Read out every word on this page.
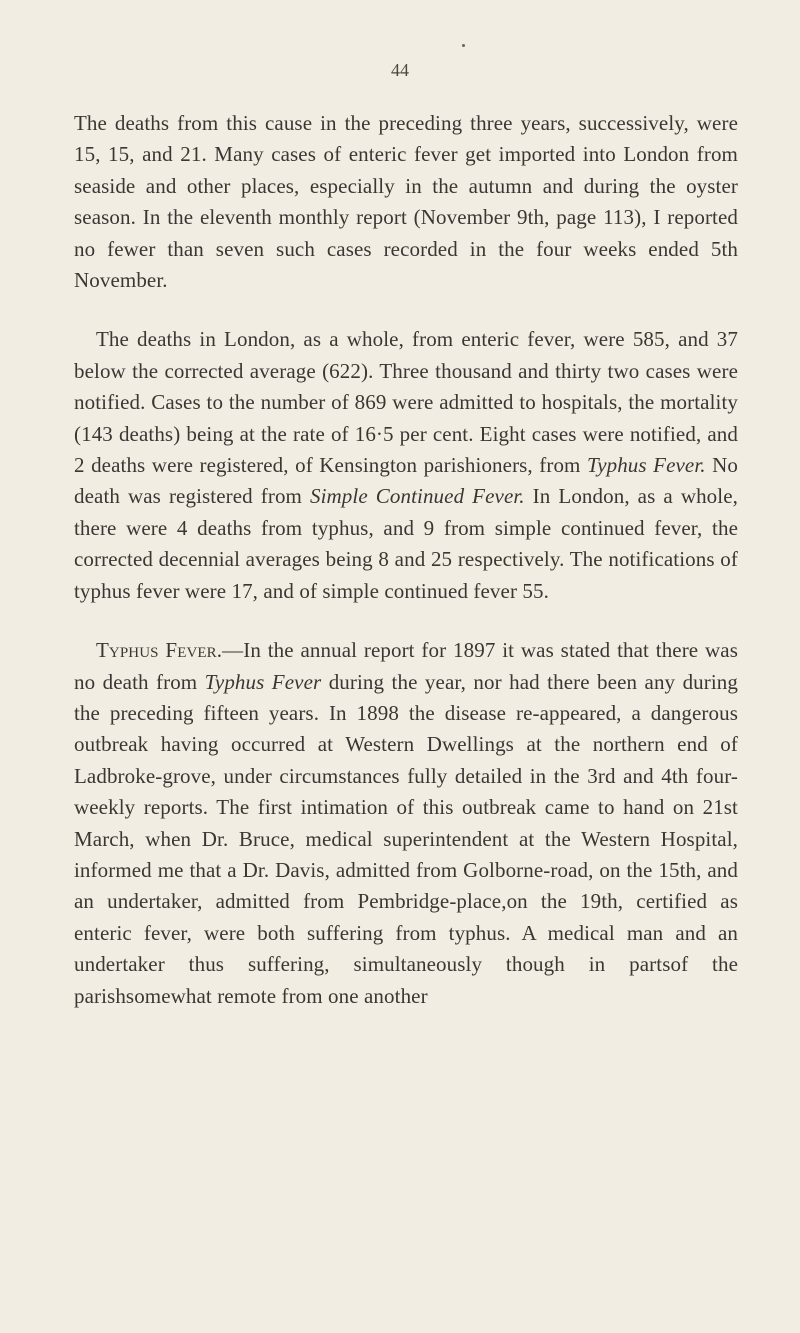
44

The deaths from this cause in the preceding three years, successively, were 15, 15, and 21. Many cases of enteric fever get imported into London from seaside and other places, especially in the autumn and during the oyster season. In the eleventh monthly report (November 9th, page 113), I reported no fewer than seven such cases recorded in the four weeks ended 5th November.

The deaths in London, as a whole, from enteric fever, were 585, and 37 below the corrected average (622). Three thousand and thirty two cases were notified. Cases to the number of 869 were admitted to hospitals, the mortality (143 deaths) being at the rate of 16·5 per cent. Eight cases were notified, and 2 deaths were registered, of Kensington parishioners, from Typhus Fever. No death was registered from Simple Continued Fever. In London, as a whole, there were 4 deaths from typhus, and 9 from simple continued fever, the corrected decennial averages being 8 and 25 respectively. The notifications of typhus fever were 17, and of simple continued fever 55.

Typhus Fever.—In the annual report for 1897 it was stated that there was no death from Typhus Fever during the year, nor had there been any during the preceding fifteen years. In 1898 the disease re-appeared, a dangerous outbreak having occurred at Western Dwellings at the northern end of Ladbroke-grove, under circumstances fully detailed in the 3rd and 4th four-weekly reports. The first intimation of this outbreak came to hand on 21st March, when Dr. Bruce, medical superintendent at the Western Hospital, informed me that a Dr. Davis, admitted from Golborne-road, on the 15th, and an undertaker, admitted from Pembridge-place,on the 19th, certified as enteric fever, were both suffering from typhus. A medical man and an undertaker thus suffering, simultaneously though in partsof the parishsomewhat remote from one another
